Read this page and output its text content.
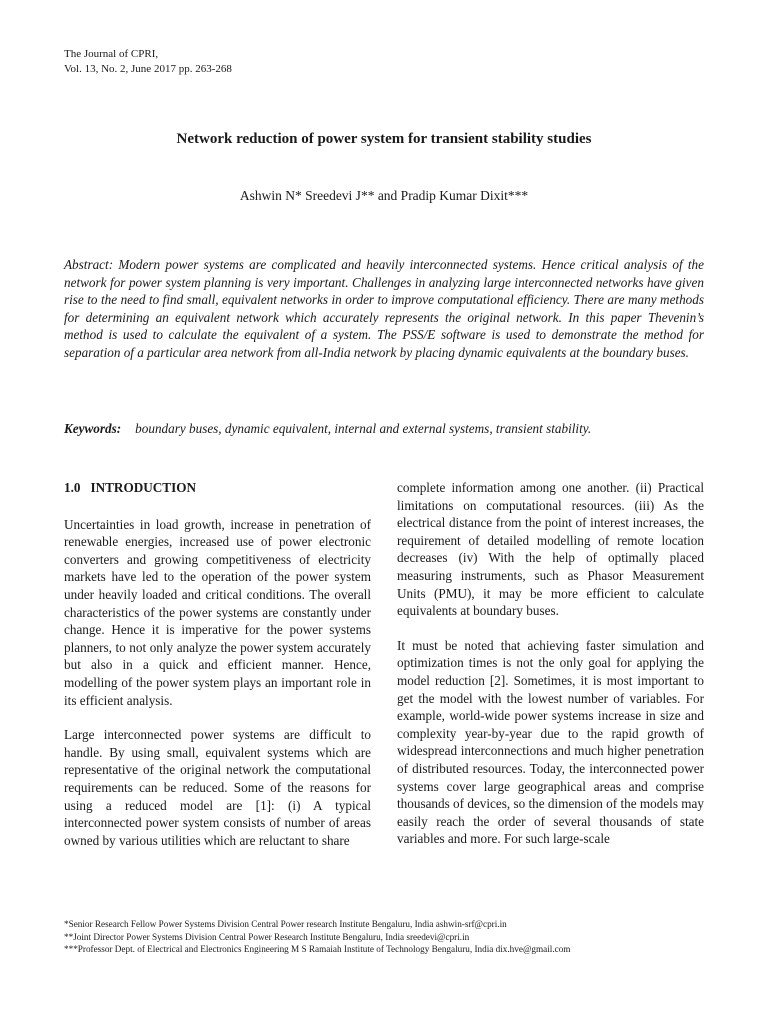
The Journal of CPRI,
Vol. 13, No. 2, June 2017 pp. 263-268
Network reduction of power system for transient stability studies
Ashwin N* Sreedevi J** and Pradip Kumar Dixit***

Abstract: Modern power systems are complicated and heavily interconnected systems. Hence critical analysis of the network for power system planning is very important. Challenges in analyzing large interconnected networks have given rise to the need to find small, equivalent networks in order to improve computational efficiency. There are many methods for determining an equivalent network which accurately represents the original network. In this paper Thevenin’s method is used to calculate the equivalent of a system. The PSS/E software is used to demonstrate the method for separation of a particular area network from all-India network by placing dynamic equivalents at the boundary buses.

Keywords: boundary buses, dynamic equivalent, internal and external systems, transient stability.
1.0 INTRODUCTION

Uncertainties in load growth, increase in penetration of renewable energies, increased use of power electronic converters and growing competitiveness of electricity markets have led to the operation of the power system under heavily loaded and critical conditions. The overall characteristics of the power systems are constantly under change. Hence it is imperative for the power systems planners, to not only analyze the power system accurately but also in a quick and efficient manner. Hence, modelling of the power system plays an important role in its efficient analysis.

Large interconnected power systems are difficult to handle. By using small, equivalent systems which are representative of the original network the computational requirements can be reduced. Some of the reasons for using a reduced model are [1]: (i) A typical interconnected power system consists of number of areas owned by various utilities which are reluctant to share

complete information among one another. (ii) Practical limitations on computational resources. (iii) As the electrical distance from the point of interest increases, the requirement of detailed modelling of remote location decreases (iv) With the help of optimally placed measuring instruments, such as Phasor Measurement Units (PMU), it may be more efficient to calculate equivalents at boundary buses.

It must be noted that achieving faster simulation and optimization times is not the only goal for applying the model reduction [2]. Sometimes, it is most important to get the model with the lowest number of variables. For example, world-wide power systems increase in size and complexity year-by-year due to the rapid growth of widespread interconnections and much higher penetration of distributed resources. Today, the interconnected power systems cover large geographical areas and comprise thousands of devices, so the dimension of the models may easily reach the order of several thousands of state variables and more. For such large-scale

*Senior Research Fellow Power Systems Division Central Power research Institute Bengaluru, India ashwin-srf@cpri.in
**Joint Director Power Systems Division Central Power Research Institute Bengaluru, India sreedevi@cpri.in
***Professor Dept. of Electrical and Electronics Engineering M S Ramaiah Institute of Technology Bengaluru, India dix.hve@gmail.com
